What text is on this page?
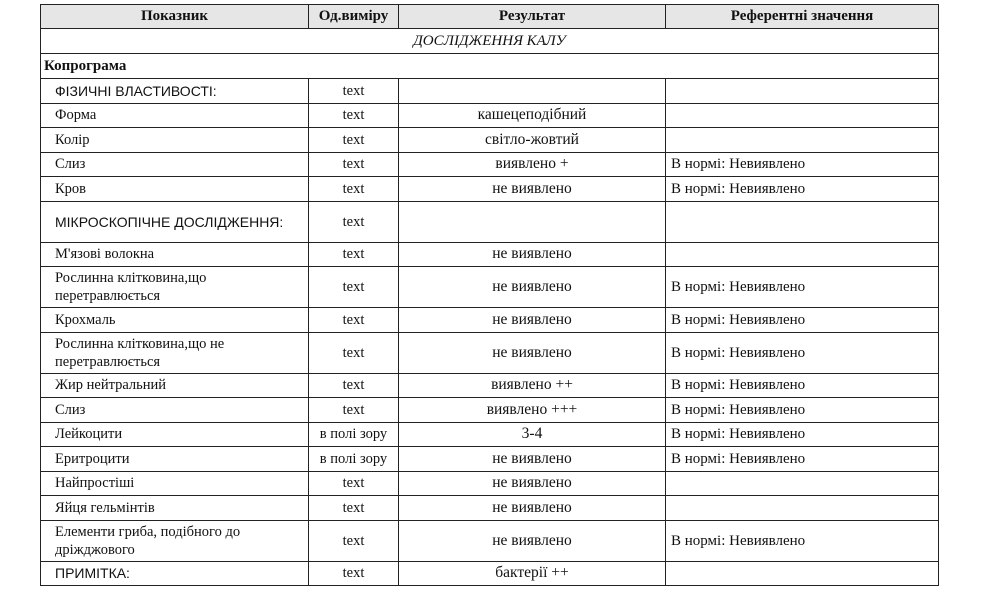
Показник	Од.виміру	Результат	Референтні значення
ДОСЛІДЖЕННЯ КАЛУ			
Копрограма			
ФІЗИЧНІ ВЛАСТИВОСТІ:	text		
Форма	text	кашецеподібний	
Колір	text	світло-жовтий	
Слиз	text	виявлено +	В нормі: Невиявлено
Кров	text	не виявлено	В нормі: Невиявлено
МІКРОСКОПІЧНЕ ДОСЛІДЖЕННЯ:	text		
М'язові волокна	text	не виявлено	
Рослинна клітковина,що перетравлюється	text	не виявлено	В нормі: Невиявлено
Крохмаль	text	не виявлено	В нормі: Невиявлено
Рослинна клітковина,що не перетравлюється	text	не виявлено	В нормі: Невиявлено
Жир нейтральний	text	виявлено ++	В нормі: Невиявлено
Слиз	text	виявлено +++	В нормі: Невиявлено
Лейкоцити	в полі зору	3-4	В нормі: Невиявлено
Еритроцити	в полі зору	не виявлено	В нормі: Невиявлено
Найпростіші	text	не виявлено	
Яйця гельмінтів	text	не виявлено	
Елементи гриба, подібного до дріжджового	text	не виявлено	В нормі: Невиявлено
ПРИМІТКА:	text	бактерії ++	
